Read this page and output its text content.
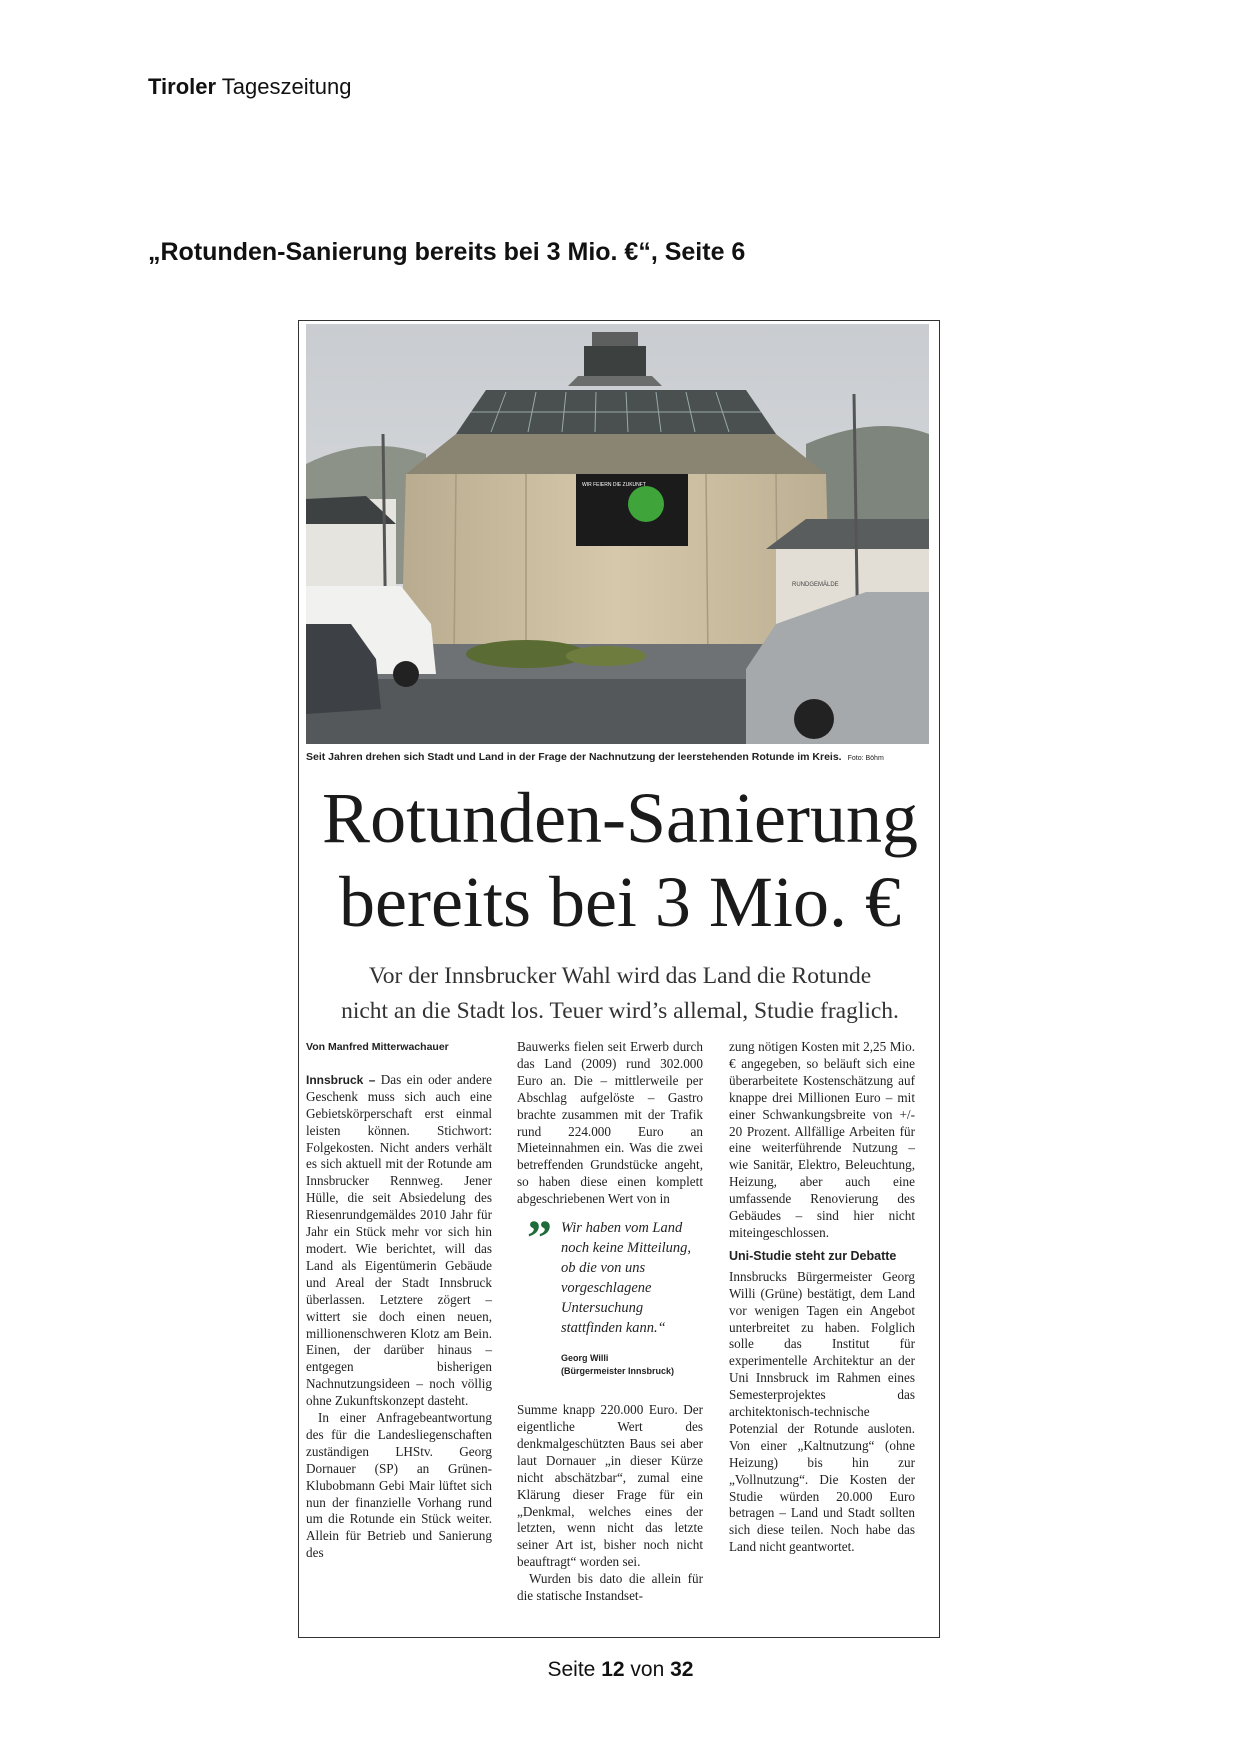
Tiroler Tageszeitung
„Rotunden-Sanierung bereits bei 3 Mio. €“, Seite 6
WIR FEIERN DIE ZUKUNFT
RUNDGEMÄLDE
Seit Jahren drehen sich Stadt und Land in der Frage der Nachnutzung der leerstehenden Rotunde im Kreis. Foto: Böhm
Rotunden-Sanierung
bereits bei 3 Mio. €
Vor der Innsbrucker Wahl wird das Land die Rotunde
nicht an die Stadt los. Teuer wird’s allemal, Studie fraglich.

Von Manfred Mitterwachauer

Innsbruck – Das ein oder andere Geschenk muss sich auch eine Gebietskörperschaft erst einmal leisten können. Stichwort: Folgekosten. Nicht anders verhält es sich aktuell mit der Rotunde am Innsbrucker Rennweg. Jener Hülle, die seit Absiedelung des Riesenrundgemäldes 2010 Jahr für Jahr ein Stück mehr vor sich hin modert. Wie berichtet, will das Land als Eigentümerin Gebäude und Areal der Stadt Innsbruck überlassen. Letztere zögert – wittert sie doch einen neuen, millionenschweren Klotz am Bein. Einen, der darüber hinaus – entgegen bisherigen Nachnutzungsideen – noch völlig ohne Zukunftskonzept dasteht.

In einer Anfragebeantwortung des für die Landesliegenschaften zuständigen LHStv. Georg Dornauer (SP) an Grünen-Klubobmann Gebi Mair lüftet sich nun der finanzielle Vorhang rund um die Rotunde ein Stück weiter. Allein für Betrieb und Sanierung des

Bauwerks fielen seit Erwerb durch das Land (2009) rund 302.000 Euro an. Die – mittlerweile per Abschlag aufgelöste – Gastro brachte zusammen mit der Trafik rund 224.000 Euro an Mieteinnahmen ein. Was die zwei betreffenden Grundstücke angeht, so haben diese einen komplett abgeschriebenen Wert von in

” Wir haben vom Land noch keine Mitteilung, ob die von uns vorgeschlagene Untersuchung stattfinden kann.“
Georg Willi
(Bürgermeister Innsbruck)

Summe knapp 220.000 Euro. Der eigentliche Wert des denkmalgeschützten Baus sei aber laut Dornauer „in dieser Kürze nicht abschätzbar“, zumal eine Klärung dieser Frage für ein „Denkmal, welches eines der letzten, wenn nicht das letzte seiner Art ist, bisher noch nicht beauftragt“ worden sei.

Wurden bis dato die allein für die statische Instandset-

zung nötigen Kosten mit 2,25 Mio. € angegeben, so beläuft sich eine überarbeitete Kostenschätzung auf knappe drei Millionen Euro – mit einer Schwankungsbreite von +/- 20 Prozent. Allfällige Arbeiten für eine weiterführende Nutzung – wie Sanitär, Elektro, Beleuchtung, Heizung, aber auch eine umfassende Renovierung des Gebäudes – sind hier nicht miteingeschlossen.

Uni-Studie steht zur Debatte

Innsbrucks Bürgermeister Georg Willi (Grüne) bestätigt, dem Land vor wenigen Tagen ein Angebot unterbreitet zu haben. Folglich solle das Institut für experimentelle Architektur an der Uni Innsbruck im Rahmen eines Semesterprojektes das architektonisch-technische Potenzial der Rotunde ausloten. Von einer „Kaltnutzung“ (ohne Heizung) bis hin zur „Vollnutzung“. Die Kosten der Studie würden 20.000 Euro betragen – Land und Stadt sollten sich diese teilen. Noch habe das Land nicht geantwortet.

Seite 12 von 32
